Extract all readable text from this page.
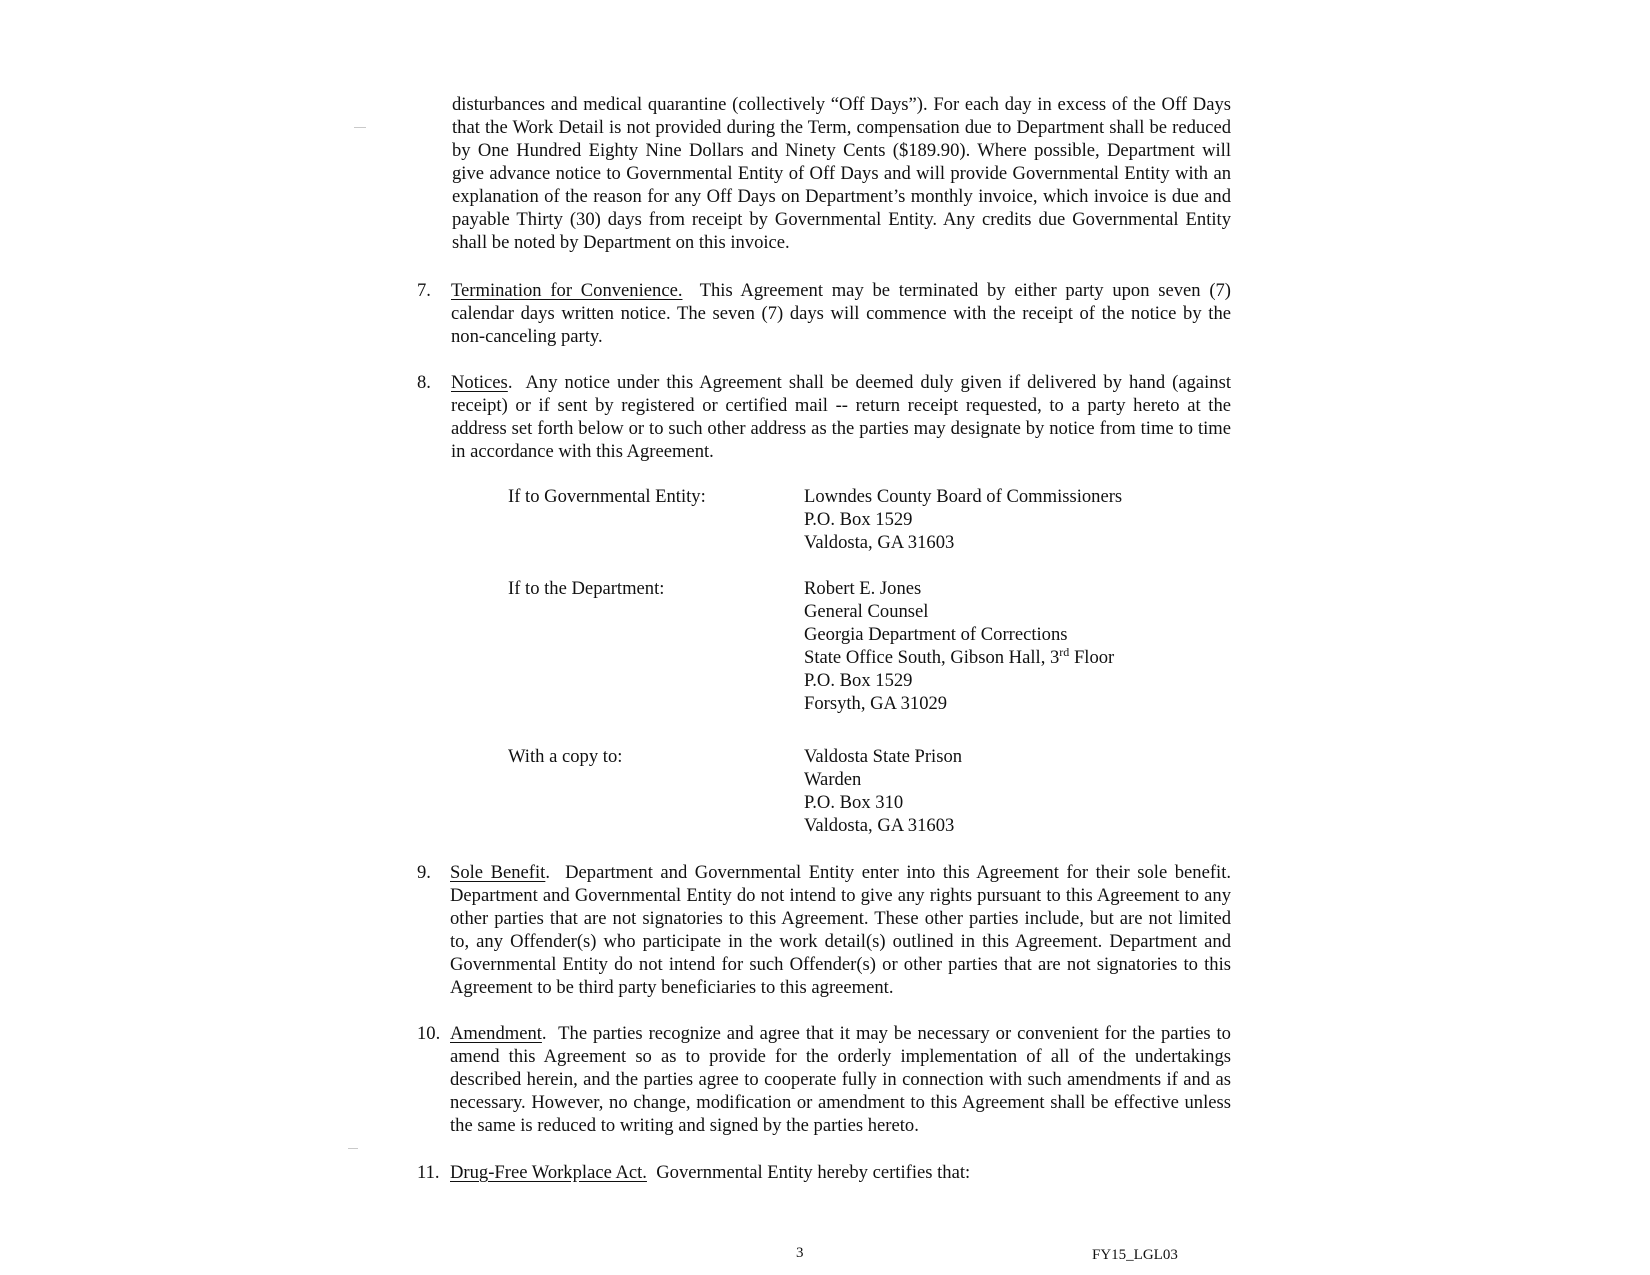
disturbances and medical quarantine (collectively “Off Days”). For each day in excess of the Off Days that the Work Detail is not provided during the Term, compensation due to Department shall be reduced by One Hundred Eighty Nine Dollars and Ninety Cents ($189.90). Where possible, Department will give advance notice to Governmental Entity of Off Days and will provide Governmental Entity with an explanation of the reason for any Off Days on Department’s monthly invoice, which invoice is due and payable Thirty (30) days from receipt by Governmental Entity. Any credits due Governmental Entity shall be noted by Department on this invoice.
7. Termination for Convenience. This Agreement may be terminated by either party upon seven (7) calendar days written notice. The seven (7) days will commence with the receipt of the notice by the non-canceling party.
8. Notices. Any notice under this Agreement shall be deemed duly given if delivered by hand (against receipt) or if sent by registered or certified mail -- return receipt requested, to a party hereto at the address set forth below or to such other address as the parties may designate by notice from time to time in accordance with this Agreement.
If to Governmental Entity:	Lowndes County Board of Commissioners
P.O. Box 1529
Valdosta, GA 31603
If to the Department:	Robert E. Jones
General Counsel
Georgia Department of Corrections
State Office South, Gibson Hall, 3rd Floor
P.O. Box 1529
Forsyth, GA 31029
With a copy to:	Valdosta State Prison
Warden
P.O. Box 310
Valdosta, GA 31603
9. Sole Benefit. Department and Governmental Entity enter into this Agreement for their sole benefit. Department and Governmental Entity do not intend to give any rights pursuant to this Agreement to any other parties that are not signatories to this Agreement. These other parties include, but are not limited to, any Offender(s) who participate in the work detail(s) outlined in this Agreement. Department and Governmental Entity do not intend for such Offender(s) or other parties that are not signatories to this Agreement to be third party beneficiaries to this agreement.
10. Amendment. The parties recognize and agree that it may be necessary or convenient for the parties to amend this Agreement so as to provide for the orderly implementation of all of the undertakings described herein, and the parties agree to cooperate fully in connection with such amendments if and as necessary. However, no change, modification or amendment to this Agreement shall be effective unless the same is reduced to writing and signed by the parties hereto.
11. Drug-Free Workplace Act. Governmental Entity hereby certifies that:
3	FY15_LGL03
